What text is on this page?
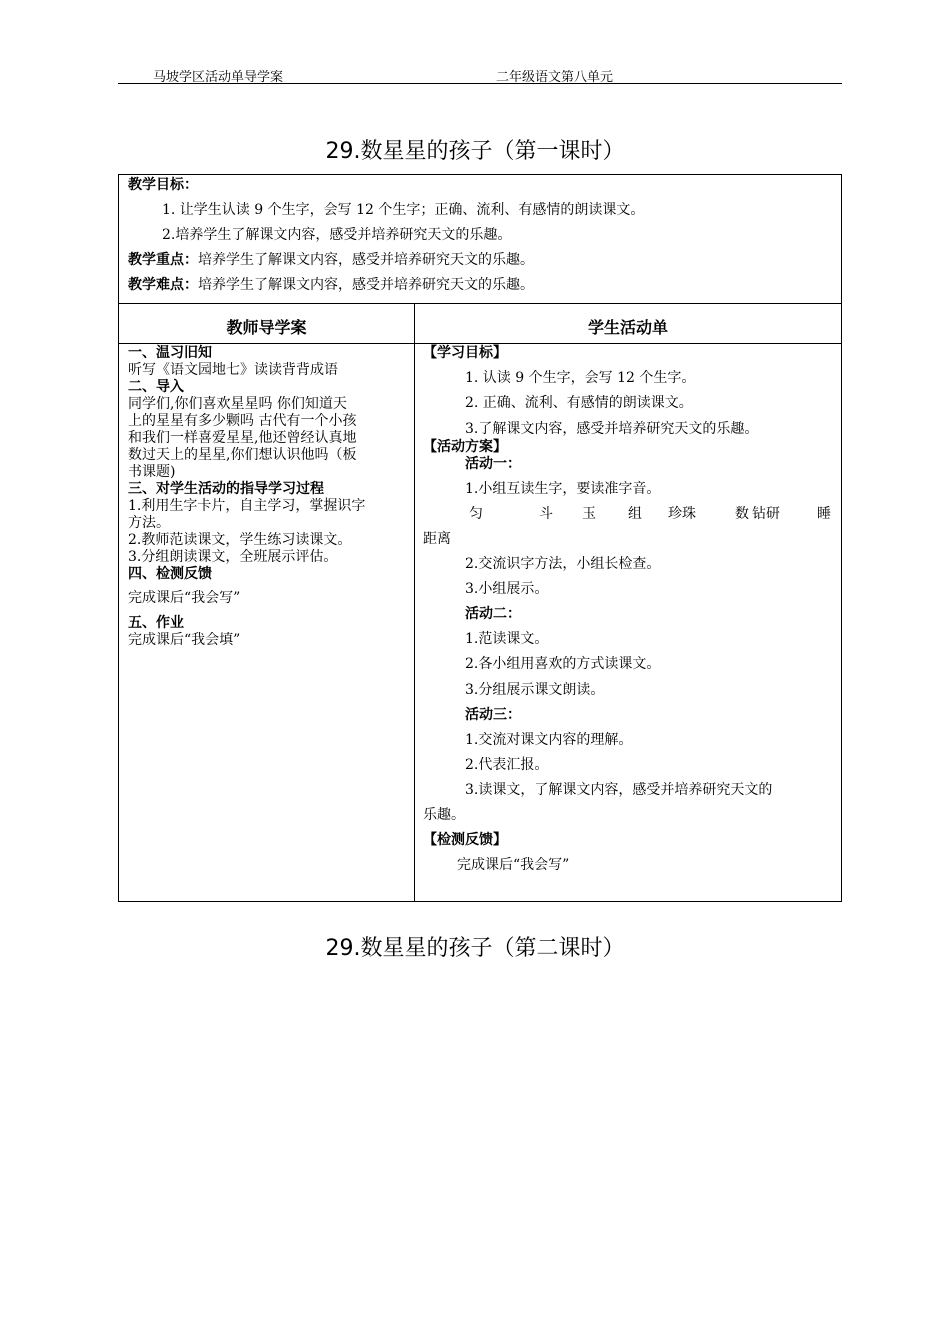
马坡学区活动单导学案	二年级语文第八单元
29.数星星的孩子（第一课时）
教学目标：
1. 让学生认读 9 个生字，会写 12 个生字；正确、流利、有感情的朗读课文。
2.培养学生了解课文内容，感受并培养研究天文的乐趣。
教学重点：培养学生了解课文内容，感受并培养研究天文的乐趣。
教学难点：培养学生了解课文内容，感受并培养研究天文的乐趣。
教师导学案	学生活动单
一、温习旧知
听写《语文园地七》读读背背成语
二、导入
同学们,你们喜欢星星吗 你们知道天
上的星星有多少颗吗 古代有一个小孩
和我们一样喜爱星星,他还曾经认真地
数过天上的星星,你们想认识他吗（板
书课题)
三、对学生活动的指导学习过程
1.利用生字卡片，自主学习，掌握识字
方法。
2.教师范读课文，学生练习读课文。
3.分组朗读课文，全班展示评估。
四、检测反馈
完成课后“我会写”
五、作业
完成课后“我会填”
【学习目标】
1. 认读 9 个生字，会写 12 个生字。
2. 正确、流利、有感情的朗读课文。
3.了解课文内容，感受并培养研究天文的乐趣。
【活动方案】
活动一：
1.小组互读生字，要读准字音。
匀	斗 玉 组 珍珠	数 钻研	睡
距离
2.交流识字方法，小组长检查。
3.小组展示。
活动二：
1.范读课文。
2.各小组用喜欢的方式读课文。
3.分组展示课文朗读。
活动三：
1.交流对课文内容的理解。
2.代表汇报。
3.读课文，了解课文内容，感受并培养研究天文的
乐趣。
【检测反馈】
完成课后“我会写”
29.数星星的孩子（第二课时）
